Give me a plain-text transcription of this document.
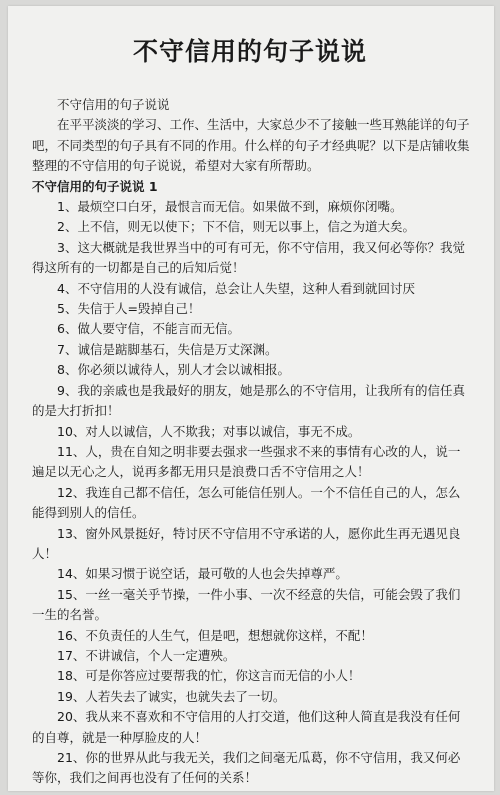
不守信用的句子说说

不守信用的句子说说

在平平淡淡的学习、工作、生活中，大家总少不了接触一些耳熟能详的句子吧，不同类型的句子具有不同的作用。什么样的句子才经典呢？以下是店铺收集整理的不守信用的句子说说，希望对大家有所帮助。

不守信用的句子说说 1

1、最烦空口白牙，最恨言而无信。如果做不到，麻烦你闭嘴。

2、上不信，则无以使下；下不信，则无以事上，信之为道大矣。

3、这大概就是我世界当中的可有可无，你不守信用，我又何必等你？我觉得这所有的一切都是自己的后知后觉！

4、不守信用的人没有诚信，总会让人失望，这种人看到就回讨厌

5、失信于人=毁掉自己！

6、做人要守信，不能言而无信。

7、诚信是踮脚基石，失信是万丈深渊。

8、你必须以诚待人，别人才会以诚相报。

9、我的亲戚也是我最好的朋友，她是那么的不守信用，让我所有的信任真的是大打折扣！

10、对人以诚信，人不欺我；对事以诚信，事无不成。

11、人，贵在自知之明非要去强求一些强求不来的事情有心改的人，说一遍足以无心之人，说再多都无用只是浪费口舌不守信用之人！

12、我连自己都不信任，怎么可能信任别人。一个不信任自己的人，怎么能得到别人的信任。

13、窗外风景挺好，特讨厌不守信用不守承诺的人，愿你此生再无遇见良人！

14、如果习惯于说空话，最可敬的人也会失掉尊严。

15、一丝一毫关乎节操，一件小事、一次不经意的失信，可能会毁了我们一生的名誉。

16、不负责任的人生气，但是吧，想想就你这样，不配！

17、不讲诚信，个人一定遭殃。

18、可是你答应过要帮我的忙，你这言而无信的小人！

19、人若失去了诚实，也就失去了一切。

20、我从来不喜欢和不守信用的人打交道，他们这种人简直是我没有任何的自尊，就是一种厚脸皮的人！

21、你的世界从此与我无关，我们之间毫无瓜葛，你不守信用，我又何必等你，我们之间再也没有了任何的关系！
